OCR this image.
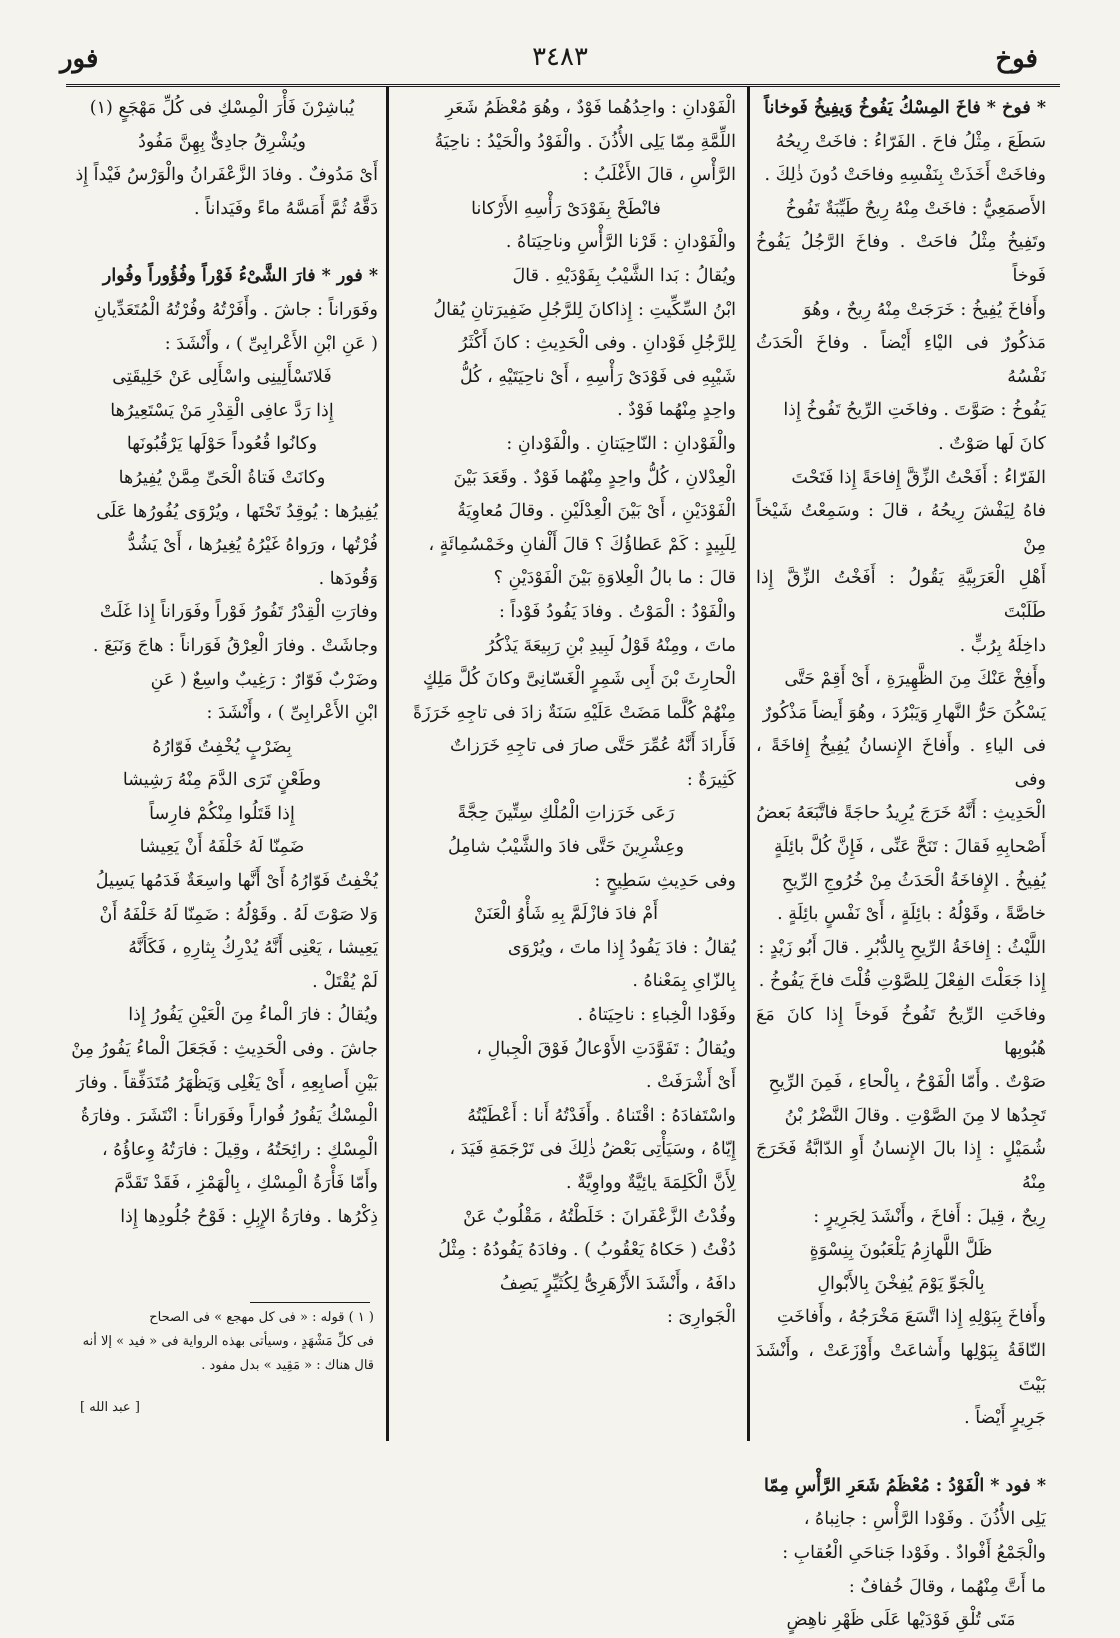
فوخ
٣٤٨٣
فور

* فوخ * فاخَ المِسْكُ يَفُوخُ وَيفِيخُ فَوخاناً

سَطَعَ ، مِثْلُ فاحَ . الفَرّاءُ : فاخَتْ رِيحُهُ

وفاخَتْ أَخَذَتْ بِنَفْسِهِ وفاحَتْ دُونَ ذٰلِكَ .

الأَصمَعِيُّ : فاخَتْ مِنْهُ رِيحٌ طَيِّبَةٌ تَفُوخُ

وتَفِيخُ مِثْلُ فاحَتْ . وفاخَ الرَّجُلُ يَفُوخُ فَوخاً

وأَفاخَ يُفِيخُ : خَرَجَتْ مِنْهُ رِيحٌ ، وهُوَ

مَذكُورٌ فى اليْاءِ أَيْضاً . وفاخَ الْحَدَثُ نَفْسُهُ

يَفُوخُ : صَوَّتَ . وفاخَتِ الرِّيحُ تَفُوخُ إِذا

كانَ لَها صَوْتٌ .

الفَرّاءُ : أَفَحْتُ الزِّقَّ إِفاحَةً إِذا فَتَحْتَ

فاهُ لِيَفْشَ رِيحُهُ ، قالَ : وسَمِعْتُ شَيْخاً مِنْ

أَهْلِ الْعَرَبِيَّةِ يَقُولُ : أَفَخْتُ الزِّقَّ إِذا طَلَبْتَ

داخِلَهُ بِرُبٍّ .

وأَفِخْ عَنْكَ مِنَ الظَّهِيرَةِ ، أَىْ أَقِمْ حَتَّى

يَسْكُنَ حَرُّ النَّهارِ وَيَبْرُدَ ، وهُوَ أَيضاً مَذْكُورٌ

فى الياءِ . وأَفاخَ الإِنسانُ يُفِيخُ إِفاخَةً ، وفى

الْحَدِيثِ : أَنَّهُ خَرَجَ يُرِيدُ حاجَةً فاتَّبَعَهُ بَعضُ

أَصْحابِهِ فَقالَ : تَنَحَّ عَنِّى ، فَإِنَّ كُلَّ بائِلَةٍ

يُفِيخُ . الإِفاخَةُ الْحَدَثُ مِنْ خُرُوجِ الرِّيحِ

خاصَّةً ، وقَوْلُهُ : بائِلَةٍ ، أَىْ نَفْسٍ بائِلَةٍ .

اللَّيْثُ : إِفاخَةُ الرِّيحِ بِالدُّبُرِ . قالَ أَبُو زَيْدٍ :

إِذا جَعَلْتَ الفِعْلَ لِلصَّوْتِ قُلْتَ فاخَ يَفُوخُ .

وفاخَتِ الرِّيحُ تَفُوخُ فَوخاً إِذا كانَ مَعَ هُبُوبِها

صَوْتٌ . وأَمّا الْفَوْحُ ، بِالْحاءِ ، فَمِنَ الرِّيحِ

تَجِدُها لا مِنَ الصَّوْتِ . وقالَ النَّضْرُ بْنُ

شُمَيْلٍ : إِذا بالَ الإِنسانُ أَوِ الدّابَّةُ فَخَرَجَ مِنْهُ

رِيحٌ ، قِيلَ : أَفاخَ ، وأَنْشَدَ لِجَرِيرٍ :

ظَلَّ اللَّهازِمُ يَلْعَبُونَ بِنِسْوَةٍ

بِالْجَوِّ يَوْمَ يُفِخْنَ بِالأَبْوالِ

وأَفاخَ بِبَوْلِهِ إِذا اتَّسَعَ مَخْرَجُهُ ، وأَفاخَتِ

النّاقَةُ بِبَوْلِها وأَشاعَتْ وأَوْزَعَتْ ، وأَنْشَدَ بَيْتَ

جَرِيرٍ أَيْضاً .

* فود * الْفَوْدُ : مُعْظَمُ شَعَرِ الرَّأْسِ مِمّا

يَلِى الأُذُنَ . وفَوْدا الرَّأْسِ : جانِباهُ ،

والْجَمْعُ أَفْوادٌ . وفَوْدا جَناحَىِ الْعُقابِ :

ما أَتَّ مِنْهُما ، وقالَ خُفافٌ :

مَتَى تُلْقِ فَوْدَيْها عَلَى ظَهْرِ ناهِضٍ

الْفَوْدانِ : واحِدُهُما فَوْدٌ ، وهُوَ مُعْظَمُ شَعَرِ

اللِّمَّةِ مِمّا يَلِى الأُذُنَ . والْفَوْدُ والْحَيْدُ : ناحِيَةُ

الرَّأْسِ ، قالَ الأَغْلَبُ :

فانْطَحْ بِفَوْدَىْ رَأْسِهِ الأَرْكانا

والْفَوْدانِ : قَرْنا الرَّأْسِ وناحِيَتاهُ .

ويُقالُ : بَدا الشَّيْبُ بِفَوْدَيْهِ . قالَ

ابْنُ السِّكِّيتِ : إِذاكانَ لِلرَّجُلِ ضَفِيرَتانِ يُقالُ

لِلرَّجُلِ فَوْدانِ . وفى الْحَدِيثِ : كانَ أَكْثَرُ

شَيْبِهِ فى فَوْدَىْ رَأْسِهِ ، أَىْ ناحِيَتَيْهِ ، كُلُّ

واحِدٍ مِنْهُما فَوْدٌ .

والْفَوْدانِ : النّاحِيَتانِ . والْفَوْدانِ :

الْعِدْلانِ ، كُلُّ واحِدٍ مِنْهُما فَوْدٌ . وقَعَدَ بَيْنَ

الْفَوْدَيْنِ ، أَىْ بَيْنَ الْعِدْلَيْنِ . وقالَ مُعاوِيَةُ

لِلَبِيدٍ : كَمْ عَطاؤُكَ ؟ قالَ أَلْفانِ وخَمْسُمِائَةٍ ،

قالَ : ما بالُ الْعِلاوَةِ بَيْنَ الْفَوْدَيْنِ ؟

والْفَوْدُ : الْمَوْتُ . وفادَ يَفُودُ فَوْداً :

ماتَ ، ومِنْهُ قَوْلُ لَبِيدِ بْنِ رَبِيعَةَ يَذْكُرُ

الْحارِثَ بْنَ أَبِى شَمِرٍ الْغَسّانِىَّ وكانَ كُلَّ مَلِكٍ

مِنْهُمْ كُلَّما مَضَتْ عَلَيْهِ سَنَةٌ زادَ فى تاجِهِ خَرَزَةً

فَأَرادَ أَنَّهُ عُمِّرَ حَتَّى صارَ فى تاجِهِ خَرَزاتٌ

كَثِيرَةٌ :

رَعَى خَرَزاتِ الْمُلْكِ سِتِّينَ حِجَّةً

وعِشْرِينَ حَتَّى فادَ والشَّيْبُ شامِلُ

وفى حَدِيثِ سَطِيحٍ :

أَمْ فادَ فازْلَمَّ بِهِ شَأْوُ الْعَنَنْ

يُقالُ : فادَ يَفُودُ إِذا ماتَ ، ويُرْوَى

بِالزّاىِ بِمَعْناهُ .

وفَوْدا الْخِباءِ : ناحِيَتاهُ .

ويُقالُ : تَفَوَّدَتِ الأَوْعالُ فَوْقَ الْجِبالِ ،

أَىْ أَشْرَفَتْ .

واسْتَفادَهُ : اقْتَناهُ . وأَفَدْتُهُ أَنا : أَعْطَيْتُهُ

إِيّاهُ ، وسَيَأْتِى بَعْضُ ذٰلِكَ فى تَرْجَمَةِ فَيَدَ ،

لِأَنَّ الْكَلِمَةَ يائِيَّةٌ وواوِيَّةٌ .

وفُدْتُ الزَّعْفَرانَ : خَلَطْتُهُ ، مَقْلُوبٌ عَنْ

دُفْتُ ( حَكاهُ يَعْقُوبُ ) . وفادَهُ يَفُودُهُ : مِثْلُ

دافَهُ ، وأَنْشَدَ الأَزْهَرِىُّ لِكُثَيِّرٍ يَصِفُ

الْجَوارِىَ :

يُباشِرْنَ فَأْرَ الْمِسْكِ فى كُلِّ مَهْجَعٍ (١)

ويُشْرِقُ جادِىٌّ بِهِنَّ مَفُودُ

أَىْ مَدُوفٌ . وفادَ الزَّعْفَرانُ والْوَرْسُ فَيْداً إِذ

دَقَّهُ ثُمَّ أَمَسَّهُ ماءً وفَيَداناً .

* فور * فارَ الشَّىْءُ فَوْراً وفُؤُوراً وفُوار

وفَوَراناً : جاشَ . وأَفَرْتُهُ وفُرْتُهُ الْمُتَعَدِّيانِ

( عَنِ ابْنِ الأَعْرابِىِّ ) ، وأَنْشَدَ :

فَلاتَسْأَلِينِى واسْأَلِى عَنْ خَلِيقَتِى

إِذا رَدَّ عافِى الْقِدْرِ مَنْ يَسْتَعِيرُها

وكانُوا قُعُوداً حَوْلَها يَرْقُبُونَها

وكانَتْ فَتاةُ الْحَىِّ مِمَّنْ يُفِيرُها

يُفِيرُها : يُوقِدُ تَحْتَها ، ويُرْوَى يُفُورُها عَلَى

فُرْتُها ، ورَواهُ غَيْرُهُ يُغِيرُها ، أَىْ يَشُدُّ

وَقُودَها .

وفارَتِ الْقِدْرُ تَفُورُ فَوْراً وفَوَراناً إِذا غَلَتْ

وجاشَتْ . وفارَ الْعِرْقُ فَوَراناً : هاجَ وَنَبَعَ .

وضَرْبٌ فَوّارٌ : رَغِيبٌ واسِعٌ ( عَنِ

ابْنِ الأَعْرابِىِّ ) ، وأَنْشَدَ :

بِضَرْبٍ يُخْفِتُ فَوّارُهُ

وطَعْنٍ تَرَى الدَّمَ مِنْهُ رَشِيشا

إِذا قَتَلُوا مِنْكُمْ فارِساً

ضَمِنّا لَهُ خَلْفَهُ أَنْ يَعِيشا

يُخْفِتُ فَوّارُهُ أَىْ أَنَّها واسِعَةٌ فَدَمُها يَسِيلُ

وَلا صَوْتَ لَهُ . وقَوْلُهُ : ضَمِنّا لَهُ خَلْفَهُ أَنْ

يَعِيشا ، يَعْنِى أَنَّهُ يُدْرِكُ بِثارِهِ ، فَكَأَنَّهُ

لَمْ يُقْتَلْ .

ويُقالُ : فارَ الْماءُ مِنَ الْعَيْنِ يَفُورُ إِذا

جاشَ . وفى الْحَدِيثِ : فَجَعَلَ الْماءُ يَفُورُ مِنْ

بَيْنِ أَصابِعِهِ ، أَىْ يَغْلِى وَيَظْهَرُ مُتَدَفِّقاً . وفارَ

الْمِسْكُ يَفُورُ فُواراً وفَوَراناً : انْتَشَرَ . وفارَةُ

الْمِسْكِ : رائِحَتُهُ ، وقِيلَ : فارَتُهُ وِعاؤُهُ ،

وأَمّا فَأْرَةُ الْمِسْكِ ، بِالْهَمْزِ ، فَقَدْ تَقَدَّمَ

ذِكْرُها . وفارَةُ الإِبِلِ : فَوْحُ جُلُودِها إِذا

( ١ ) قوله : « فى كل مهجع » فى الصحاح

فى كلِّ مَشْهَدٍ ، وسيأتى بهذه الرواية فى « فيد » إلا أنه

قال هناك : « مَقِيد » بدل مفود .

[ عبد الله ]
